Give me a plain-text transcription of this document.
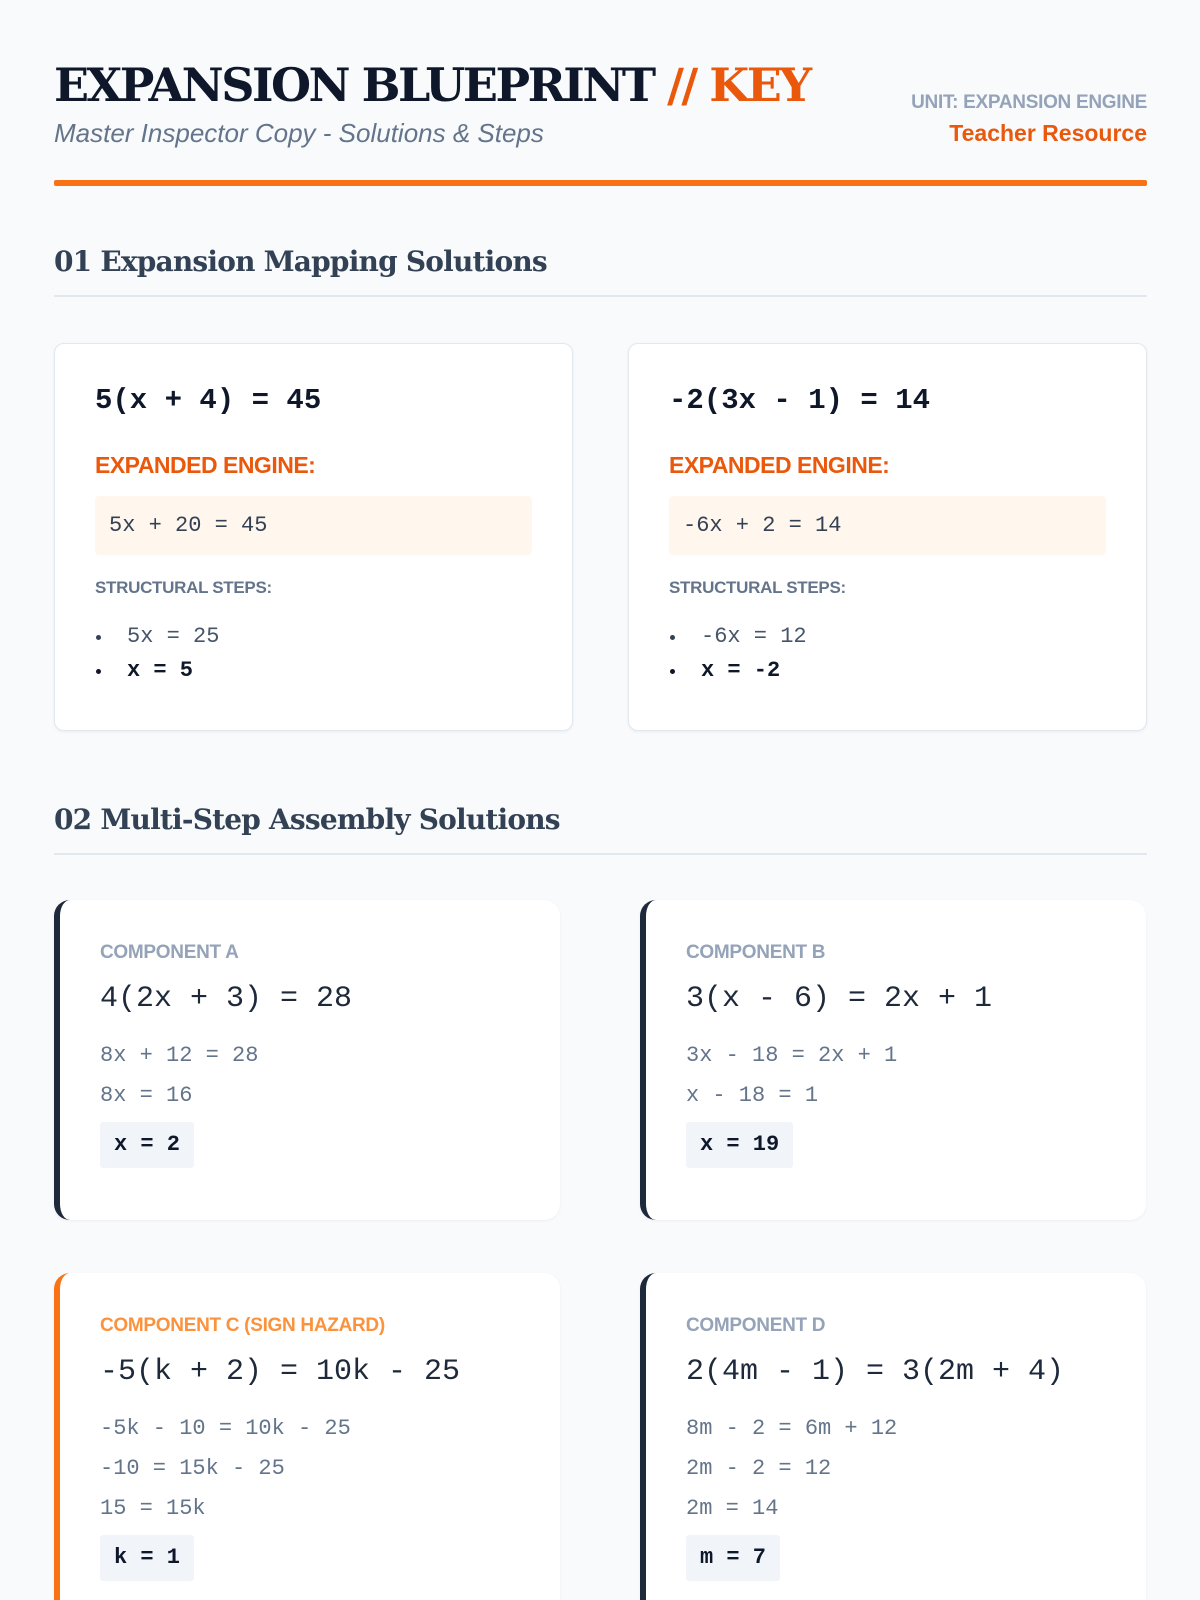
EXPANSION BLUEPRINT // KEY
Master Inspector Copy - Solutions & Steps
UNIT: EXPANSION ENGINE
Teacher Resource
01 Expansion Mapping Solutions
5(x + 4) = 45
EXPANDED ENGINE:
5x + 20 = 45
STRUCTURAL STEPS:
5x = 25
x = 5
-2(3x - 1) = 14
EXPANDED ENGINE:
-6x + 2 = 14
STRUCTURAL STEPS:
-6x = 12
x = -2
02 Multi-Step Assembly Solutions
COMPONENT A
4(2x + 3) = 28
8x + 12 = 28
8x = 16
x = 2
COMPONENT B
3(x - 6) = 2x + 1
3x - 18 = 2x + 1
x - 18 = 1
x = 19
COMPONENT C (SIGN HAZARD)
-5(k + 2) = 10k - 25
-5k - 10 = 10k - 25
-10 = 15k - 25
15 = 15k
k = 1
COMPONENT D
2(4m - 1) = 3(2m + 4)
8m - 2 = 6m + 12
2m - 2 = 12
2m = 14
m = 7
